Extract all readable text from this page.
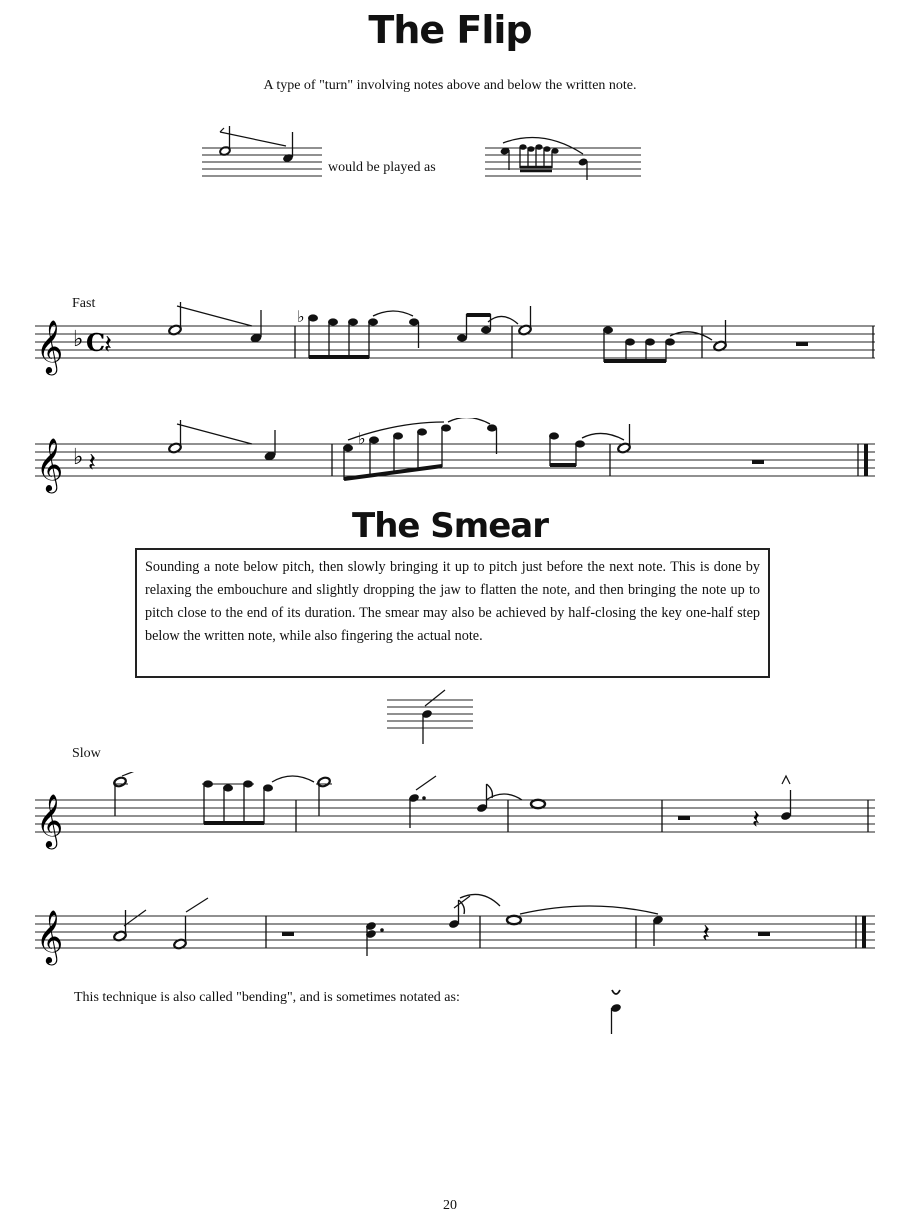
The Flip
A type of "turn" involving notes above and below the written note.
would be played as
Fast
𝄞 ♭ C
𝄽
♭
𝄞 ♭ 𝄽
♭
The Smear
Sounding a note below pitch, then slowly bringing it up to pitch just before the next note. This is done by relaxing the embouchure and slightly dropping the jaw to flatten the note, and then bringing the note up to pitch close to the end of its duration. The smear may also be achieved by half-closing the key one-half step below the written note, while also fingering the actual note.
Slow
𝄞	𝄽
𝄞	𝄽
This technique is also called "bending", and is sometimes notated as:
20
